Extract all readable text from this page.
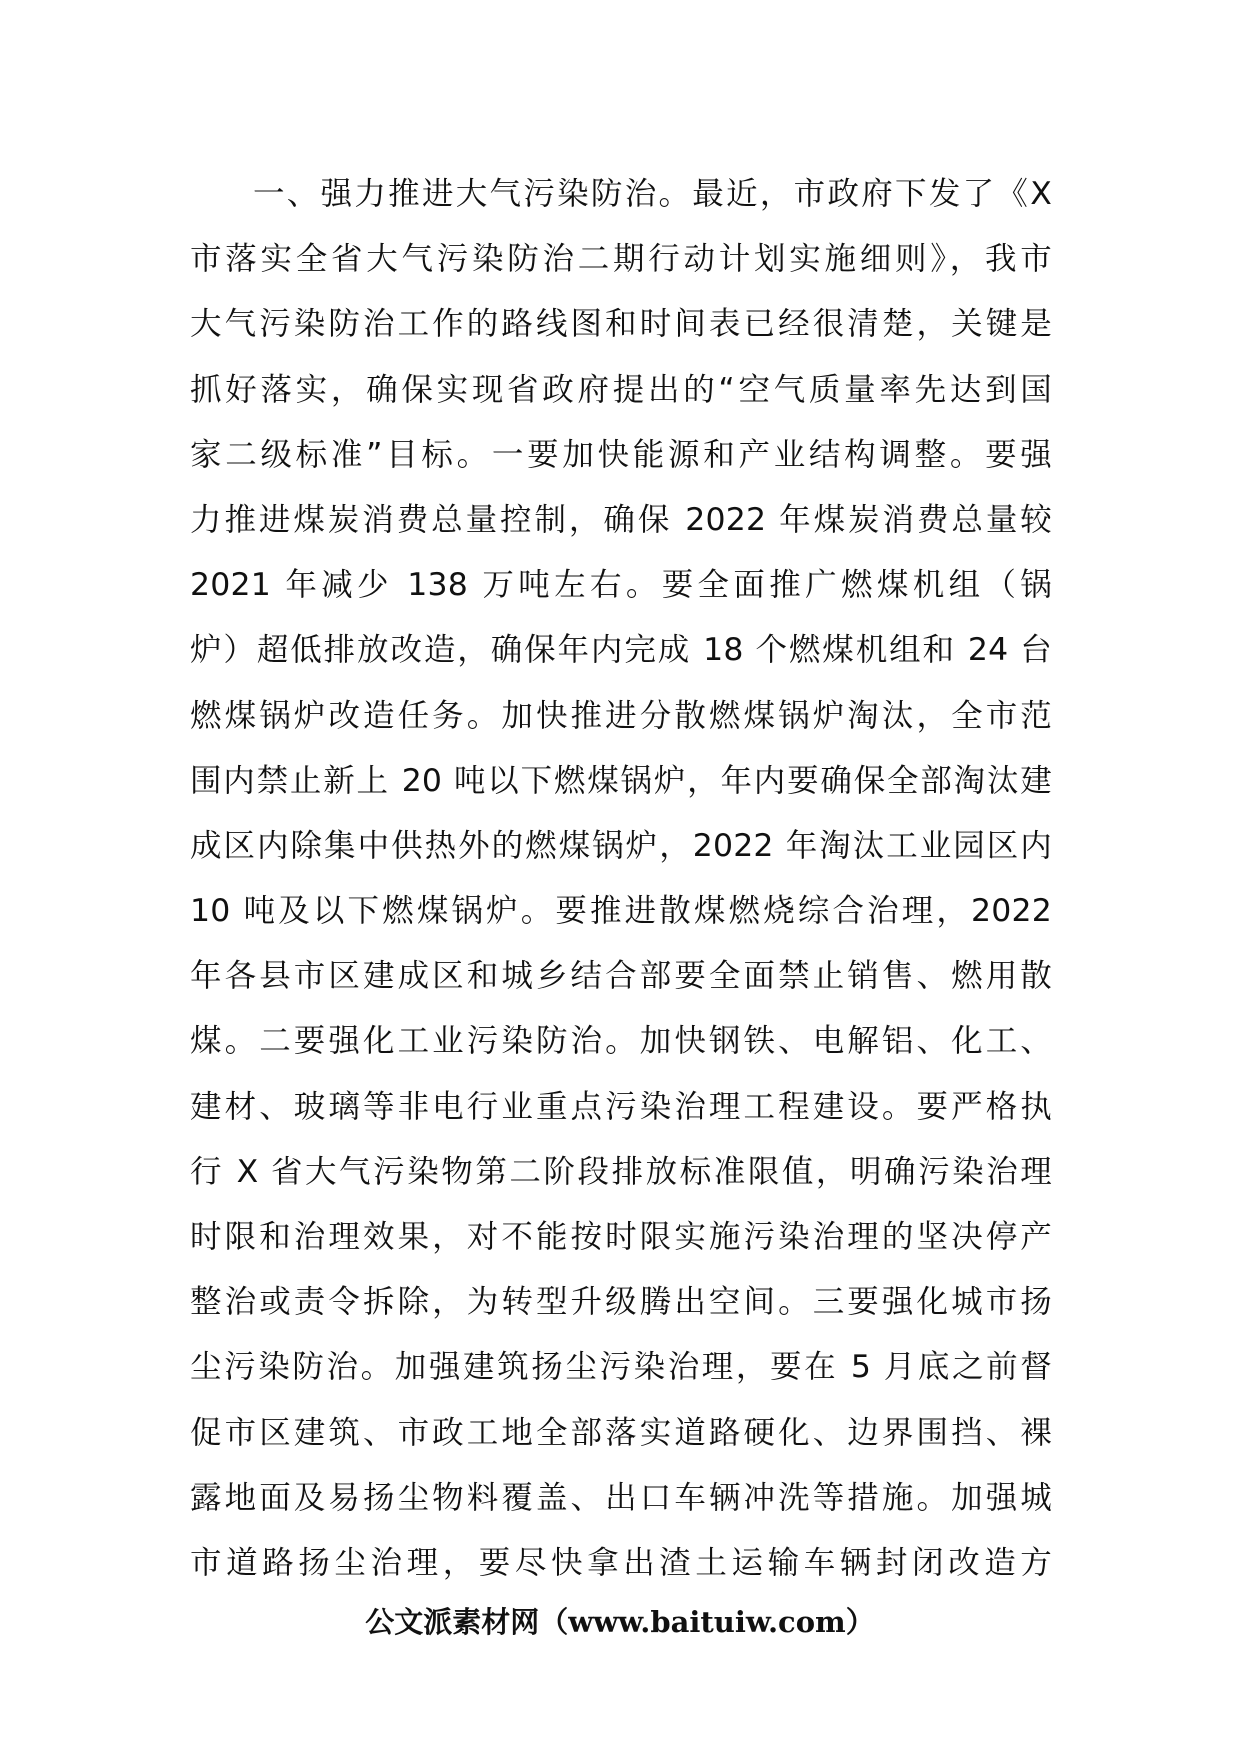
一、强力推进大气污染防治。最近，市政府下发了《X
市落实全省大气污染防治二期行动计划实施细则》，我市
大气污染防治工作的路线图和时间表已经很清楚，关键是
抓好落实，确保实现省政府提出的“空气质量率先达到国
家二级标准”目标。一要加快能源和产业结构调整。要强
力推进煤炭消费总量控制，确保 2022 年煤炭消费总量较
2021 年减少 138 万吨左右。要全面推广燃煤机组（锅
炉）超低排放改造，确保年内完成 18 个燃煤机组和 24 台
燃煤锅炉改造任务。加快推进分散燃煤锅炉淘汰，全市范
围内禁止新上 20 吨以下燃煤锅炉，年内要确保全部淘汰建
成区内除集中供热外的燃煤锅炉，2022 年淘汰工业园区内
10 吨及以下燃煤锅炉。要推进散煤燃烧综合治理，2022
年各县市区建成区和城乡结合部要全面禁止销售、燃用散
煤。二要强化工业污染防治。加快钢铁、电解铝、化工、
建材、玻璃等非电行业重点污染治理工程建设。要严格执
行 X 省大气污染物第二阶段排放标准限值，明确污染治理
时限和治理效果，对不能按时限实施污染治理的坚决停产
整治或责令拆除，为转型升级腾出空间。三要强化城市扬
尘污染防治。加强建筑扬尘污染治理，要在 5 月底之前督
促市区建筑、市政工地全部落实道路硬化、边界围挡、裸
露地面及易扬尘物料覆盖、出口车辆冲洗等措施。加强城
市道路扬尘治理，要尽快拿出渣土运输车辆封闭改造方
公文派素材网（www.baituiw.com）
